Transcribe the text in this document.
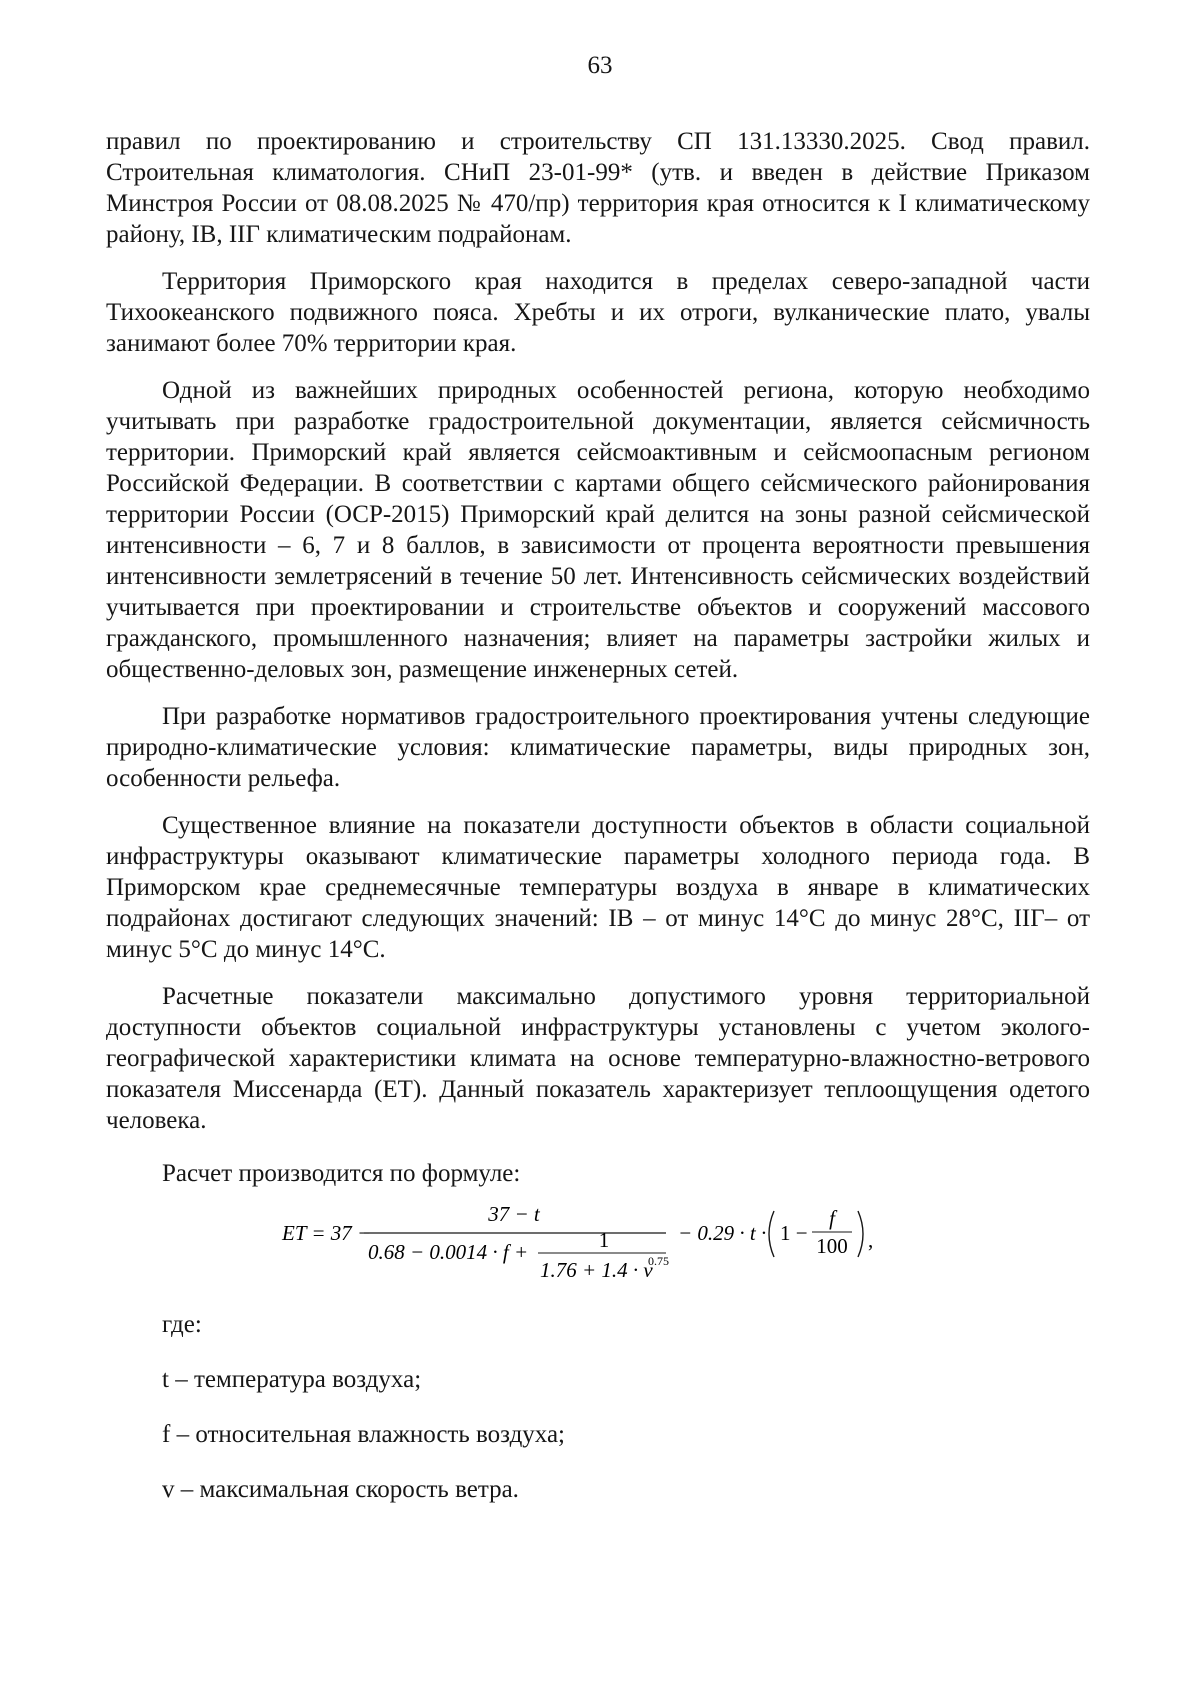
63

правил по проектированию и строительству СП 131.13330.2025. Свод правил. Строительная климатология. СНиП 23-01-99* (утв. и введен в действие Приказом Минстроя России от 08.08.2025 № 470/пр) территория края относится к I климатическому району, IB, IIГ климатическим подрайонам.

Территория Приморского края находится в пределах северо-западной части Тихоокеанского подвижного пояса. Хребты и их отроги, вулканические плато, увалы занимают более 70% территории края.

Одной из важнейших природных особенностей региона, которую необходимо учитывать при разработке градостроительной документации, является сейсмичность территории. Приморский край является сейсмоактивным и сейсмоопасным регионом Российской Федерации. В соответствии с картами общего сейсмического районирования территории России (ОСР-2015) Приморский край делится на зоны разной сейсмической интенсивности – 6, 7 и 8 баллов, в зависимости от процента вероятности превышения интенсивности землетрясений в течение 50 лет. Интенсивность сейсмических воздействий учитывается при проектировании и строительстве объектов и сооружений массового гражданского, промышленного назначения; влияет на параметры застройки жилых и общественно-деловых зон, размещение инженерных сетей.

При разработке нормативов градостроительного проектирования учтены следующие природно-климатические условия: климатические параметры, виды природных зон, особенности рельефа.

Существенное влияние на показатели доступности объектов в области социальной инфраструктуры оказывают климатические параметры холодного периода года. В Приморском крае среднемесячные температуры воздуха в январе в климатических подрайонах достигают следующих значений: IB – от минус 14°С до минус 28°С, IIГ– от минус 5°С до минус 14°С.

Расчетные показатели максимально допустимого уровня территориальной доступности объектов социальной инфраструктуры установлены с учетом эколого-географической характеристики климата на основе температурно-влажностно-ветрового показателя Миссенарда (ЕТ). Данный показатель характеризует теплоощущения одетого человека.

Расчет производится по формуле:
ET = 37 −
37 − t
0.68 − 0.0014 · f +	1
1.76 + 1.4 · v
0.75
− 0.29 · t · 1 −
f
100 ,
где:
t – температура воздуха;
f – относительная влажность воздуха;
v – максимальная скорость ветра.
